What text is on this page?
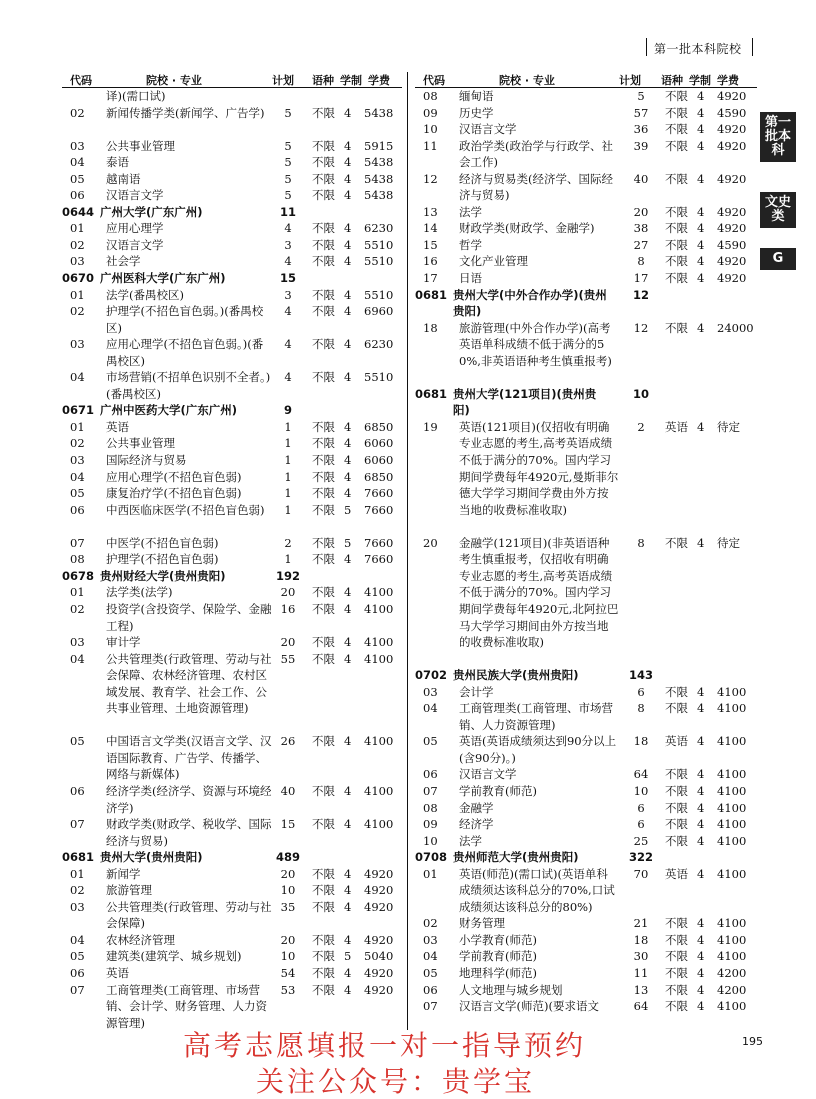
第一批本科院校
代码	院校 · 专业	计划 语种 学制 学费
译)(需口试)
02 新闻传播学类(新闻学、广告学)	5	不限 4 5438
03 公共事业管理	5	不限 4 5915
04 泰语	5	不限 4 5438
05 越南语	5	不限 4 5438
06 汉语言文学	5	不限 4 5438
0644 广州大学(广东广州)	11
01 应用心理学	4	不限 4 6230
02 汉语言文学	3	不限 4 5510
03 社会学	4	不限 4 5510
0670 广州医科大学(广东广州)	15
01 法学(番禺校区)	3	不限 4 5510
02 护理学(不招色盲色弱。)(番禺校区)
4	不限 4 6960
03 应用心理学(不招色盲色弱。)(番禺校区)
4	不限 4 6230
04 市场营销(不招单色识别不全者。)(番禺校区)
4	不限 4 5510
0671 广州中医药大学(广东广州)	9
01 英语	1	不限 4 6850
02 公共事业管理	1	不限 4 6060
03 国际经济与贸易	1	不限 4 6060
04 应用心理学(不招色盲色弱)	1	不限 4 6850
05 康复治疗学(不招色盲色弱)	1	不限 4 7660
06 中西医临床医学(不招色盲色弱)	1	不限 5 7660
07 中医学(不招色盲色弱)	2	不限 5 7660
08 护理学(不招色盲色弱)	1	不限 4 7660
0678 贵州财经大学(贵州贵阳)	192
01 法学类(法学)	20	不限 4 4100
02 投资学(含投资学、保险学、金融工程)
16	不限 4 4100
03 审计学	20	不限 4 4100
04 公共管理类(行政管理、劳动与社会保障、农林经济管理、农村区域发展、教育学、社会工作、公共事业管理、土地资源管理)
55	不限 4 4100
05 中国语言文学类(汉语言文学、汉语国际教育、广告学、传播学、网络与新媒体)
26	不限 4 4100
06 经济学类(经济学、资源与环境经济学)
40	不限 4 4100
07 财政学类(财政学、税收学、国际经济与贸易)
15	不限 4 4100
0681 贵州大学(贵州贵阳)	489
01 新闻学	20	不限 4 4920
02 旅游管理	10	不限 4 4920
03 公共管理类(行政管理、劳动与社会保障)
35	不限 4 4920
04 农林经济管理	20	不限 4 4920
05 建筑类(建筑学、城乡规划)	10	不限 5 5040
06 英语	54	不限 4 4920
07 工商管理类(工商管理、市场营销、会计学、财务管理、人力资源管理)
53	不限 4 4920
代码	院校 · 专业	计划 语种 学制 学费
08 缅甸语	5	不限 4 4920
09 历史学	57	不限 4 4590
10 汉语言文学	36	不限 4 4920
11 政治学类(政治学与行政学、社会工作)
39	不限 4 4920
12 经济与贸易类(经济学、国际经济与贸易)
40	不限 4 4920
13 法学	20	不限 4 4920
14 财政学类(财政学、金融学)	38	不限 4 4920
15 哲学	27	不限 4 4590
16 文化产业管理	8	不限 4 4920
17 日语	17	不限 4 4920
0681 贵州大学(中外合作办学)(贵州贵阳)
12
18 旅游管理(中外合作办学)(高考英语单科成绩不低于满分的50%,非英语语种考生慎重报考)
12	不限 4 24000
0681 贵州大学(121项目)(贵州贵阳)
10
19 英语(121项目)(仅招收有明确专业志愿的考生,高考英语成绩不低于满分的70%。国内学习期间学费每年4920元,曼斯菲尔德大学学习期间学费由外方按当地的收费标准收取)
2	英语 4 待定
20 金融学(121项目)(非英语语种考生慎重报考，仅招收有明确专业志愿的考生,高考英语成绩不低于满分的70%。国内学习期间学费每年4920元,北阿拉巴马大学学习期间由外方按当地的收费标准收取)
8	不限 4 待定
0702 贵州民族大学(贵州贵阳)	143
03 会计学	6	不限 4 4100
04 工商管理类(工商管理、市场营销、人力资源管理)
8	不限 4 4100
05 英语(英语成绩须达到90分以上(含90分)。)
18	英语 4 4100
06 汉语言文学	64	不限 4 4100
07 学前教育(师范)	10	不限 4 4100
08 金融学	6	不限 4 4100
09 经济学	6	不限 4 4100
10 法学	25	不限 4 4100
0708 贵州师范大学(贵州贵阳)	322
01 英语(师范)(需口试)(英语单科成绩须达该科总分的70%,口试成绩须达该科总分的80%)
70	英语 4 4100
02 财务管理	21	不限 4 4100
03 小学教育(师范)	18	不限 4 4100
04 学前教育(师范)	30	不限 4 4100
05 地理科学(师范)	11	不限 4 4200
06 人文地理与城乡规划	13	不限 4 4200
07 汉语言文学(师范)(要求语文	64	不限 4 4100
第一批本科
文史类
G
195
高考志愿填报一对一指导预约
关注公众号：贵学宝
